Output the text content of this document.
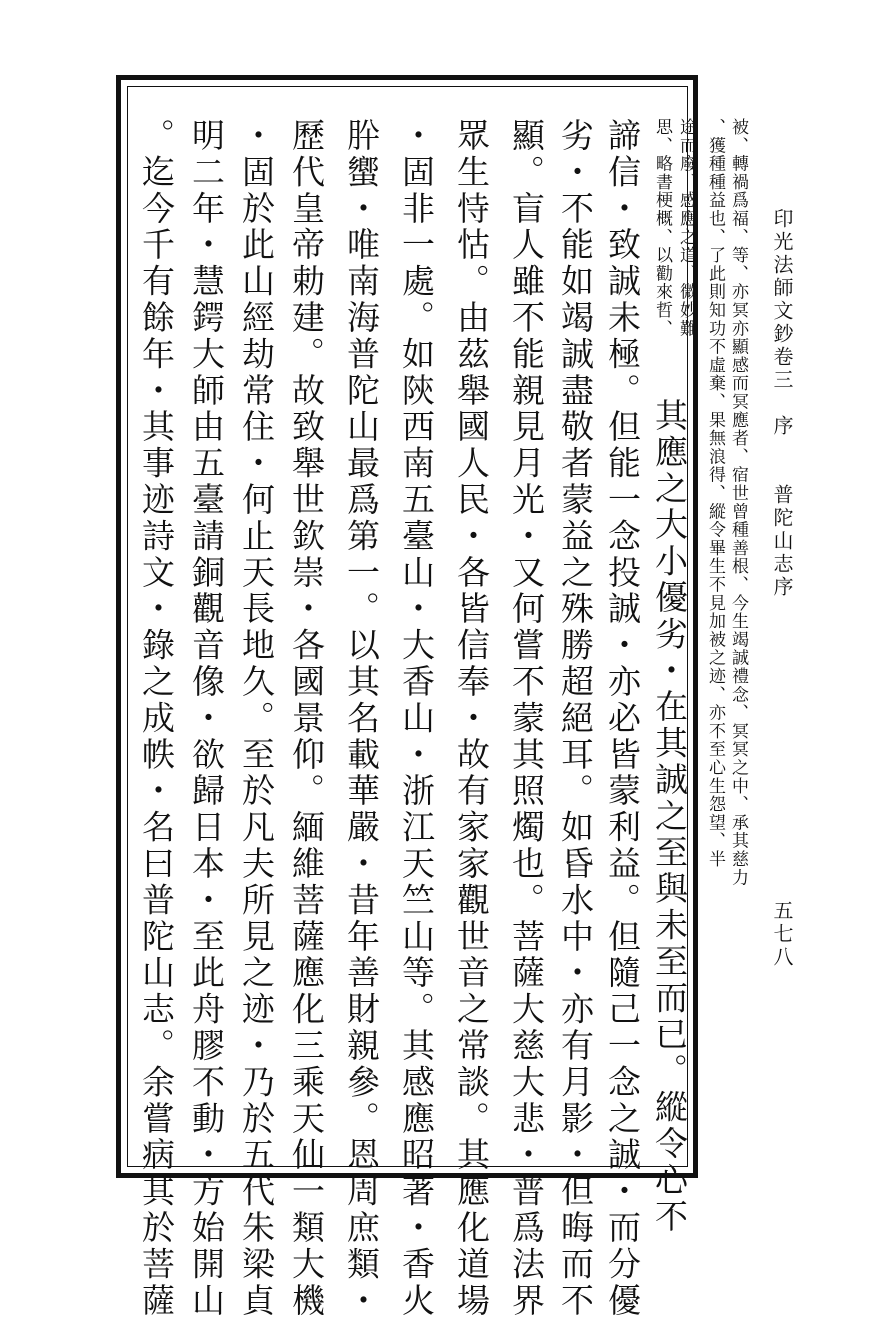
印光法師文鈔卷三　序　　普陀山志序
五七八
被、轉禍爲福、等、亦冥亦顯感而冥應者、宿世曾種善根、今生竭誠禮念、冥冥之中、承其慈力
、獲種種益也、了此則知功不虛棄、果無浪得、縱令畢生不見加被之迹、亦不至心生怨望、半
途而廢、感應之道、微妙難
思、略書梗概、以勸來哲、
其應之大小優劣・在其誠之至與未至而已。縱令心不
諦信・致誠未極。但能一念投誠・亦必皆蒙利益。但隨己一念之誠・而分優
劣・不能如竭誠盡敬者蒙益之殊勝超絕耳。如昏水中・亦有月影・但晦而不
顯。盲人雖不能親見月光・又何嘗不蒙其照燭也。菩薩大慈大悲・普爲法界
眾生恃怙。由茲舉國人民・各皆信奉・故有家家觀世音之常談。其應化道場
・固非一處。如陝西南五臺山・大香山・浙江天竺山等。其感應昭著・香火
肸蠁・唯南海普陀山最爲第一。以其名載華嚴・昔年善財親參。恩周庶類・
歷代皇帝勅建。故致舉世欽崇・各國景仰。緬維菩薩應化三乘天仙一類大機
・固於此山經劫常住・何止天長地久。至於凡夫所見之迹・乃於五代朱梁貞
明二年・慧鍔大師由五臺請銅觀音像・欲歸日本・至此舟膠不動・方始開山
。迄今千有餘年・其事迹詩文・錄之成帙・名曰普陀山志。余嘗病其於菩薩
